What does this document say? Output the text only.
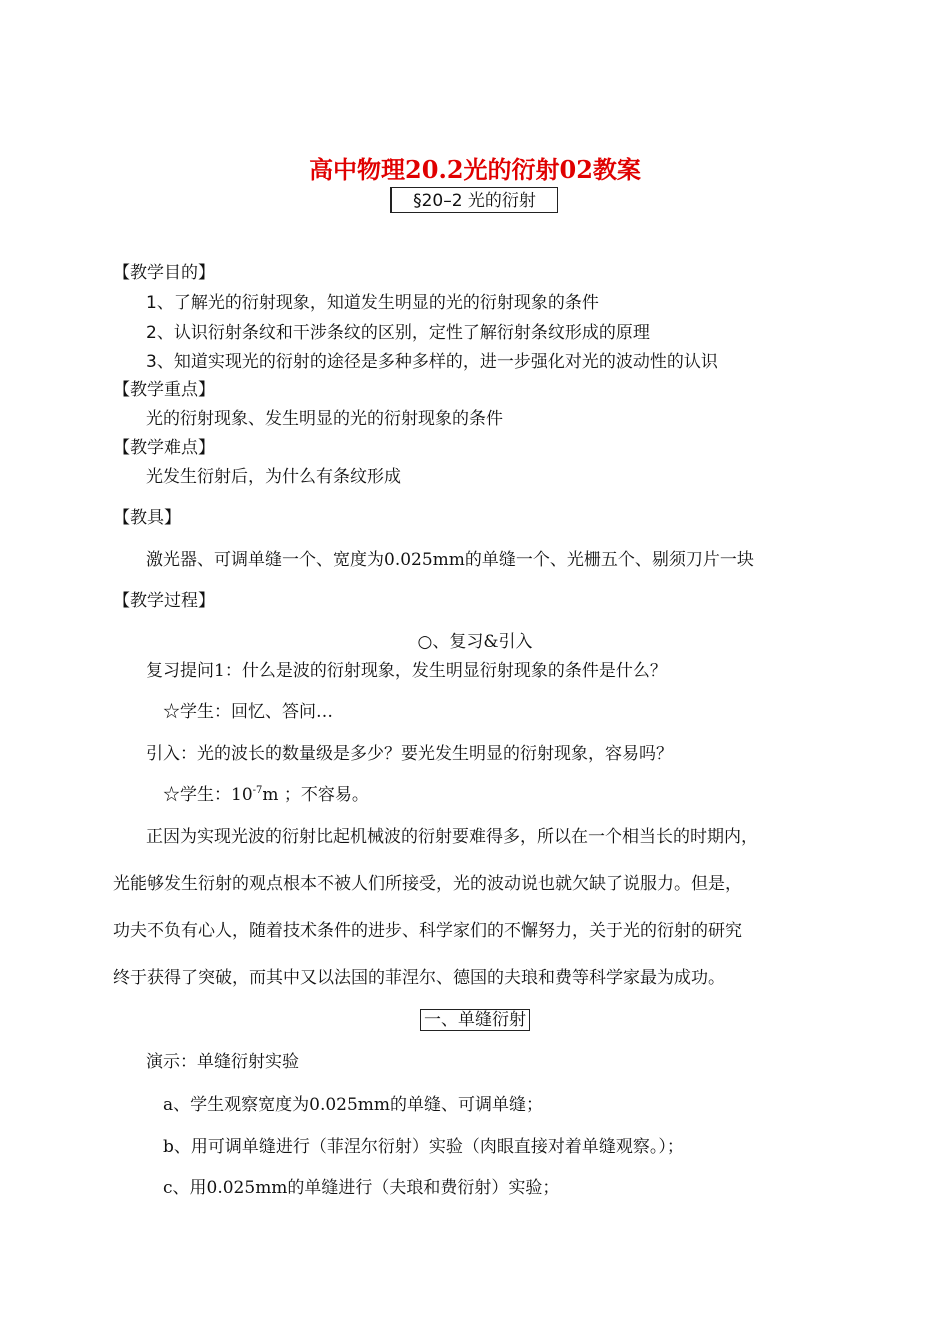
高中物理20.2光的衍射02教案
§20–2 光的衍射
【教学目的】
1、了解光的衍射现象，知道发生明显的光的衍射现象的条件
2、认识衍射条纹和干涉条纹的区别，定性了解衍射条纹形成的原理
3、知道实现光的衍射的途径是多种多样的，进一步强化对光的波动性的认识
【教学重点】
光的衍射现象、发生明显的光的衍射现象的条件
【教学难点】
光发生衍射后，为什么有条纹形成
【教具】
激光器、可调单缝一个、宽度为0.025mm的单缝一个、光栅五个、剔须刀片一块
【教学过程】
○、复习&引入
复习提问1：什么是波的衍射现象，发生明显衍射现象的条件是什么？
☆学生：回忆、答问…
引入：光的波长的数量级是多少？要光发生明显的衍射现象，容易吗？
☆学生：$10^{-7}m$ ；不容易。
正因为实现光波的衍射比起机械波的衍射要难得多，所以在一个相当长的时期内，
光能够发生衍射的观点根本不被人们所接受，光的波动说也就欠缺了说服力。但是，
功夫不负有心人，随着技术条件的进步、科学家们的不懈努力，关于光的衍射的研究
终于获得了突破，而其中又以法国的菲涅尔、德国的夫琅和费等科学家最为成功。
一、单缝衍射
演示：单缝衍射实验
a、学生观察宽度为0.025mm的单缝、可调单缝；
b、用可调单缝进行（菲涅尔衍射）实验（肉眼直接对着单缝观察。）；
c、用0.025mm的单缝进行（夫琅和费衍射）实验；
